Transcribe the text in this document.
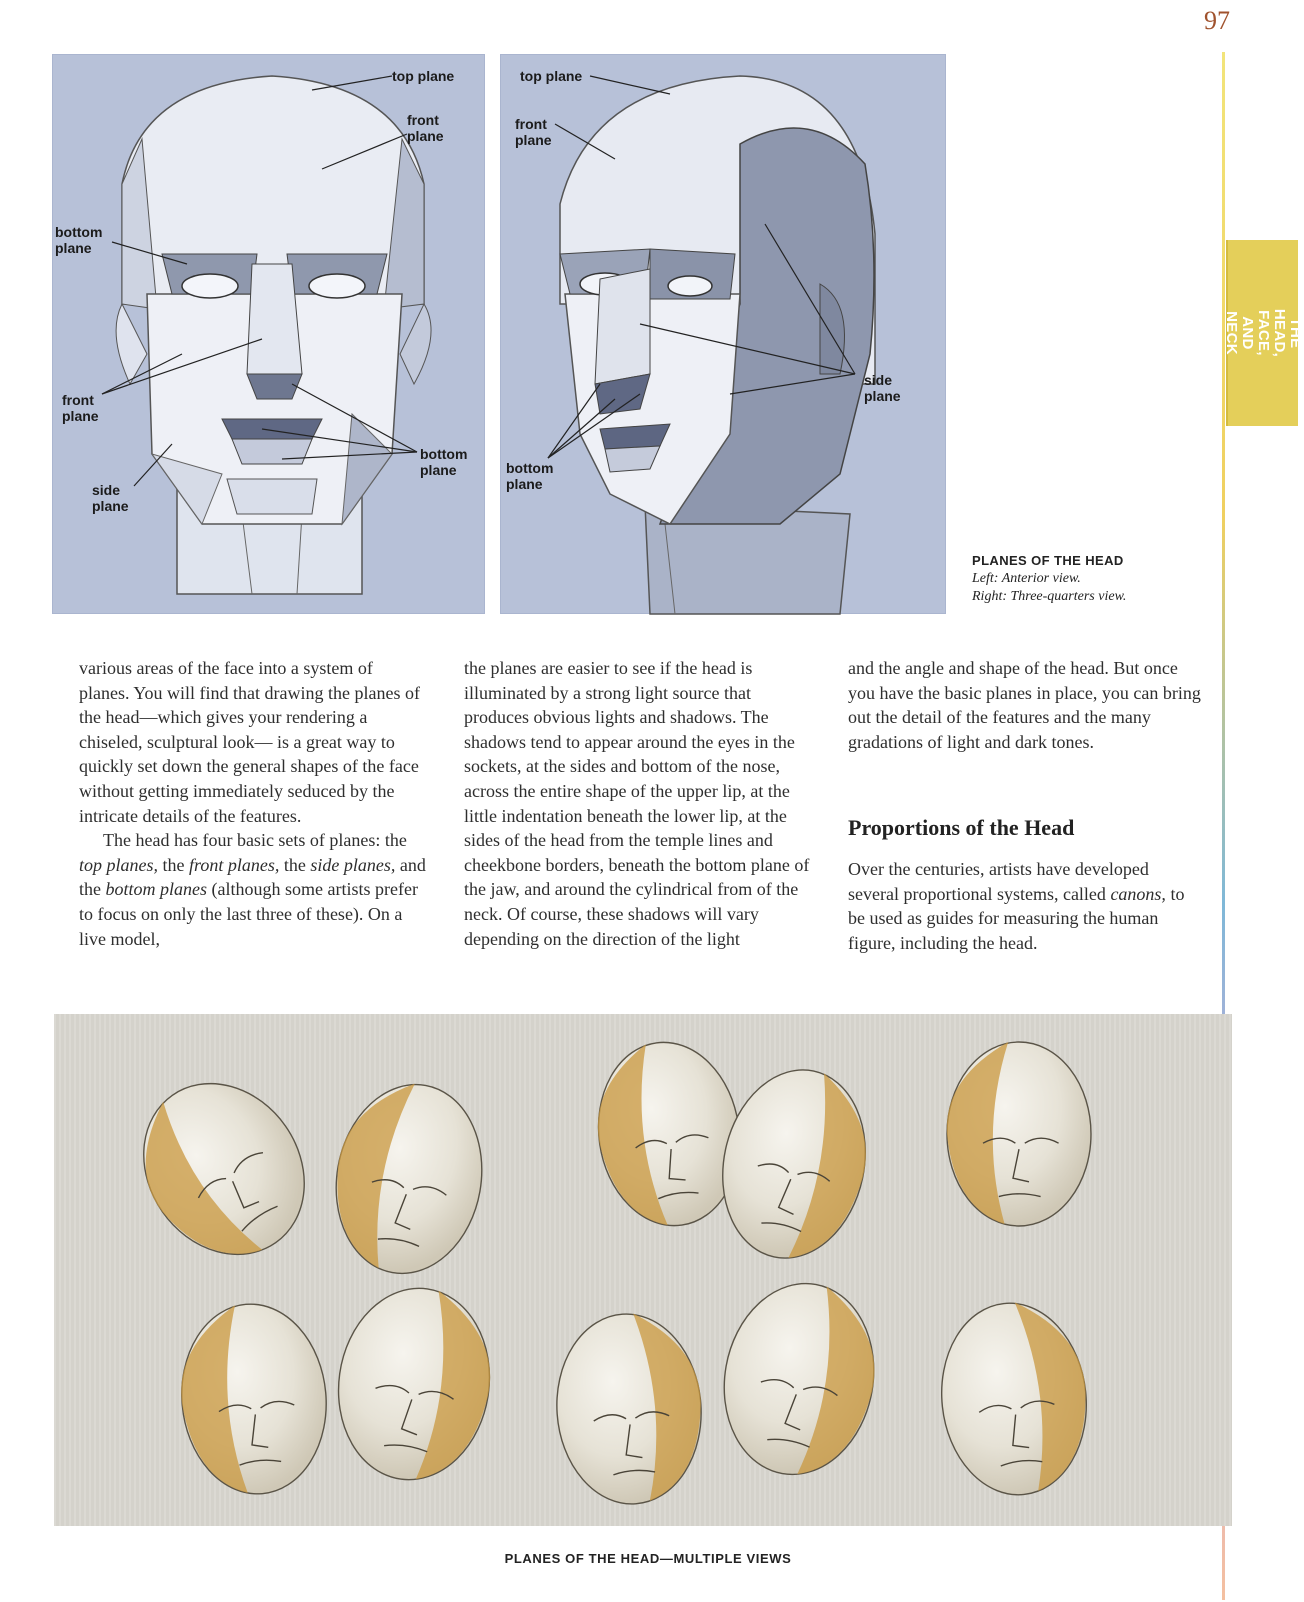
97
THE HEAD, FACE,
AND NECK
top plane
front
plane
bottom
plane
front
plane
bottom
plane
side
plane
top plane
front
plane
side
plane
bottom
plane
PLANES OF THE HEAD
Left: Anterior view.
Right: Three-quarters view.

various areas of the face into a system of planes. You will find that drawing the planes of the head—which gives your rendering a chiseled, sculptural look— is a great way to quickly set down the general shapes of the face without getting immediately seduced by the intricate details of the features.

The head has four basic sets of planes: the top planes, the front planes, the side planes, and the bottom planes (although some artists prefer to focus on only the last three of these). On a live model,

the planes are easier to see if the head is illuminated by a strong light source that produces obvious lights and shadows. The shadows tend to appear around the eyes in the sockets, at the sides and bottom of the nose, across the entire shape of the upper lip, at the little indentation beneath the lower lip, at the sides of the head from the temple lines and cheekbone borders, beneath the bottom plane of the jaw, and around the cylindrical from of the neck. Of course, these shadows will vary depending on the direction of the light

and the angle and shape of the head. But once you have the basic planes in place, you can bring out the detail of the features and the many gradations of light and dark tones.

Proportions of the Head

Over the centuries, artists have developed several proportional systems, called canons, to be used as guides for measuring the human figure, including the head.

PLANES OF THE HEAD—MULTIPLE VIEWS
